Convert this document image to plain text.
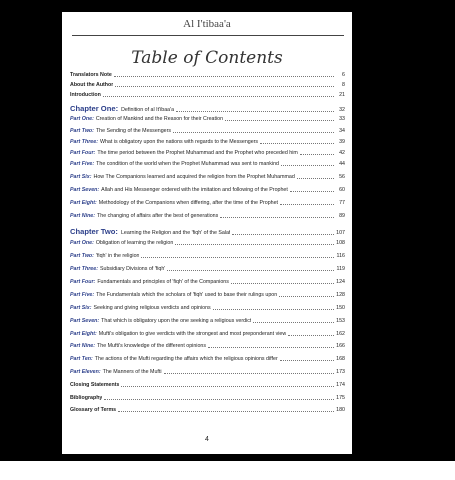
Al I'tibaa'a
Table of Contents
Translators Note	6
About the Author	8
Introduction	21
Chapter One: Definition of al It'ibaa'a	32
Part One: Creation of Mankind and the Reason for their Creation	33
Part Two: The Sending of the Messengers	34
Part Three: What is obligatory upon the nations with regards to the Messengers	39
Part Four: The time period between the Prophet Muhammad and the Prophet who preceded him	42
Part Five: The condition of the world when the Prophet Muhammad was sent to mankind	44
Part Six: How The Companions learned and acquired the religion from the Prophet Muhammad	56
Part Seven: Allah and His Messenger ordered with the imitation and following of the Prophet	60
Part Eight: Methodology of the Companions when differing, after the time of the Prophet	77
Part Nine: The changing of affairs after the best of generations	89
Chapter Two: Learning the Religion and the 'fiqh' of the Salaf	107
Part One: Obligation of learning the religion	108
Part Two: 'fiqh' in the religion	116
Part Three: Subsidiary Divisions of 'fiqh'	119
Part Four: Fundamentals and principles of 'fiqh' of the Companions	124
Part Five: The Fundamentals which the scholars of 'fiqh' used to base their rulings upon	128
Part Six: Seeking and giving religious verdicts and opinions	150
Part Seven: That which is obligatory upon the one seeking a religious verdict	153
Part Eight: Mufti's obligation to give verdicts with the strongest and most preponderant view	162
Part Nine: The Mufti's knowledge of the different opinions	166
Part Ten: The actions of the Mufti regarding the affairs which the religious opinions differ	168
Part Eleven: The Manners of the Mufti	173
Closing Statements	174
Bibliography	175
Glossary of Terms	180
4
